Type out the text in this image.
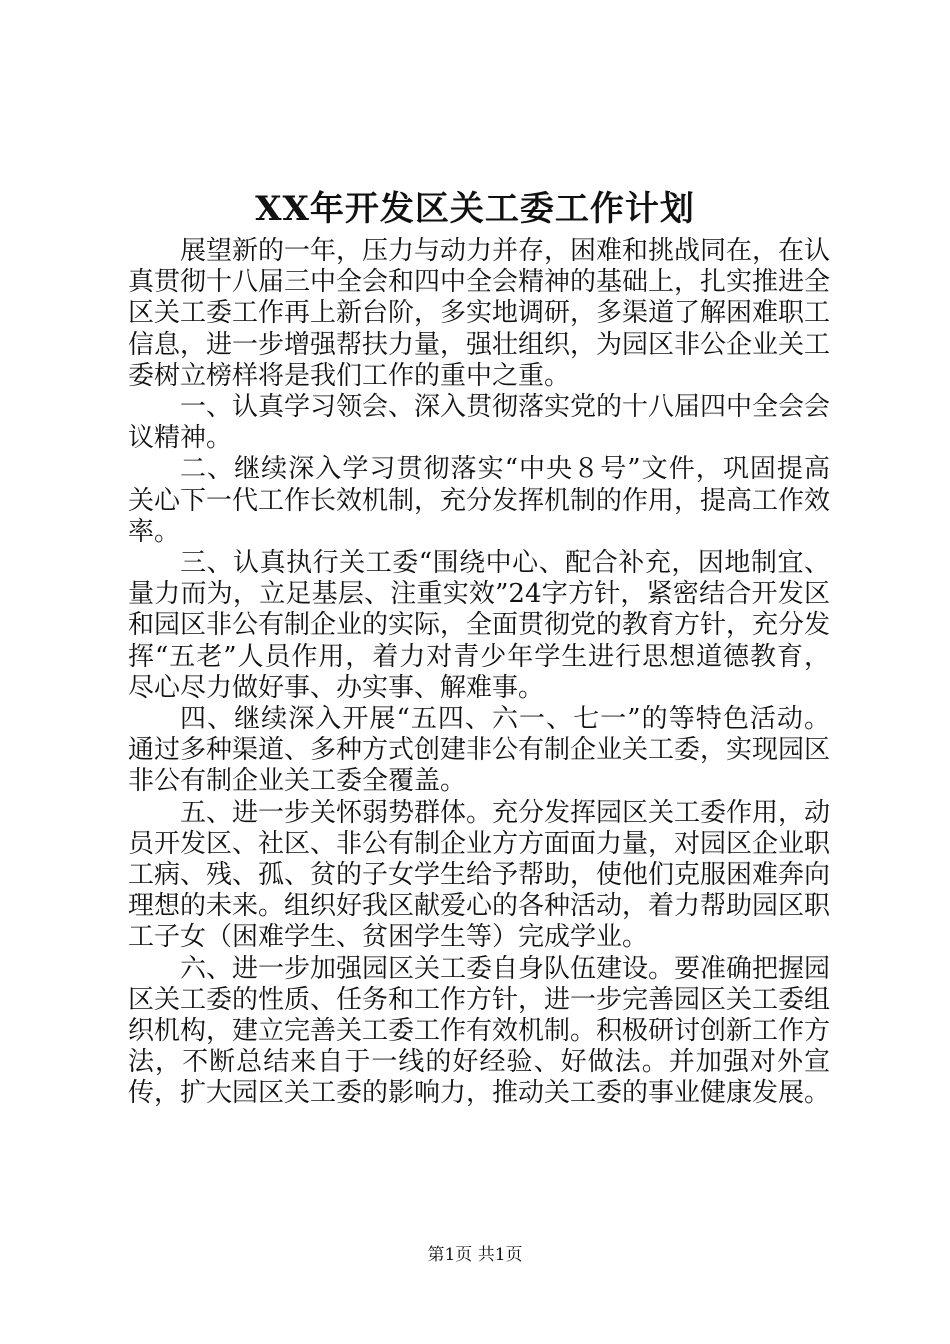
XX年开发区关工委工作计划

展望新的一年，压力与动力并存，困难和挑战同在，在认真贯彻十八届三中全会和四中全会精神的基础上，扎实推进全区关工委工作再上新台阶，多实地调研，多渠道了解困难职工信息，进一步增强帮扶力量，强壮组织，为园区非公企业关工委树立榜样将是我们工作的重中之重。

一、认真学习领会、深入贯彻落实党的十八届四中全会会议精神。

二、继续深入学习贯彻落实“中央８号”文件，巩固提高关心下一代工作长效机制，充分发挥机制的作用，提高工作效率。

三、认真执行关工委“围绕中心、配合补充，因地制宜、量力而为，立足基层、注重实效”24字方针，紧密结合开发区和园区非公有制企业的实际，全面贯彻党的教育方针，充分发挥“五老”人员作用，着力对青少年学生进行思想道德教育，尽心尽力做好事、办实事、解难事。

四、继续深入开展“五四、六一、七一”的等特色活动。通过多种渠道、多种方式创建非公有制企业关工委，实现园区非公有制企业关工委全覆盖。

五、进一步关怀弱势群体。充分发挥园区关工委作用，动员开发区、社区、非公有制企业方方面面力量，对园区企业职工病、残、孤、贫的子女学生给予帮助，使他们克服困难奔向理想的未来。组织好我区献爱心的各种活动，着力帮助园区职工子女（困难学生、贫困学生等）完成学业。

六、进一步加强园区关工委自身队伍建设。要准确把握园区关工委的性质、任务和工作方针，进一步完善园区关工委组织机构，建立完善关工委工作有效机制。积极研讨创新工作方法，不断总结来自于一线的好经验、好做法。并加强对外宣传，扩大园区关工委的影响力，推动关工委的事业健康发展。

第1页 共1页
